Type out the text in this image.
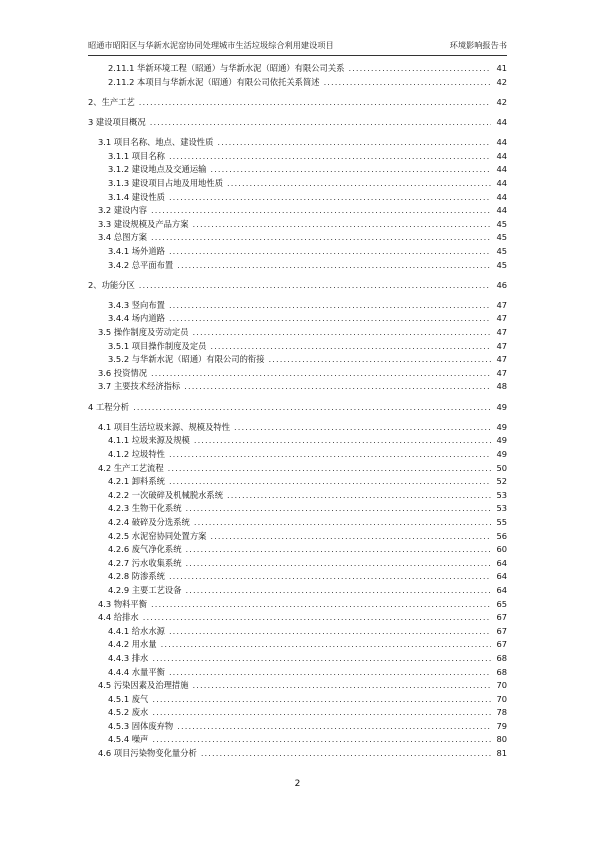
昭通市昭阳区与华新水泥窑协同处理城市生活垃圾综合利用建设项目	环境影响报告书
2.11.1 华新环境工程（昭通）与华新水泥（昭通）有限公司关系 .....	41
2.11.2 本项目与华新水泥（昭通）有限公司依托关系简述 .....	42
2、生产工艺 .....	42
3 建设项目概况 .....	44
3.1 项目名称、地点、建设性质 .....	44
3.1.1 项目名称 .....	44
3.1.2 建设地点及交通运输 .....	44
3.1.3 建设项目占地及用地性质 .....	44
3.1.4 建设性质 .....	44
3.2 建设内容 .....	44
3.3 建设规模及产品方案 .....	45
3.4 总图方案 .....	45
3.4.1 场外道路 .....	45
3.4.2 总平面布置 .....	45
2、功能分区 .....	46
3.4.3 竖向布置 .....	47
3.4.4 场内道路 .....	47
3.5 操作制度及劳动定员 .....	47
3.5.1 项目操作制度及定员 .....	47
3.5.2 与华新水泥（昭通）有限公司的衔接 .....	47
3.6 投资情况 .....	47
3.7 主要技术经济指标 .....	48
4 工程分析 .....	49
4.1 项目生活垃圾来源、规模及特性 .....	49
4.1.1 垃圾来源及规模 .....	49
4.1.2 垃圾特性 .....	49
4.2 生产工艺流程 .....	50
4.2.1 卸料系统 .....	52
4.2.2 一次破碎及机械脱水系统 .....	53
4.2.3 生物干化系统 .....	53
4.2.4 破碎及分选系统 .....	55
4.2.5 水泥窑协同处置方案 .....	56
4.2.6 废气净化系统 .....	60
4.2.7 污水收集系统 .....	64
4.2.8 防渗系统 .....	64
4.2.9 主要工艺设备 .....	64
4.3 物料平衡 .....	65
4.4 给排水 .....	67
4.4.1 给水水源 .....	67
4.4.2 用水量 .....	67
4.4.3 排水 .....	68
4.4.4 水量平衡 .....	68
4.5 污染因素及治理措施 .....	70
4.5.1 废气 .....	70
4.5.2 废水 .....	78
4.5.3 固体废弃物 .....	79
4.5.4 噪声 .....	80
4.6 项目污染物变化量分析 .....	81
2
